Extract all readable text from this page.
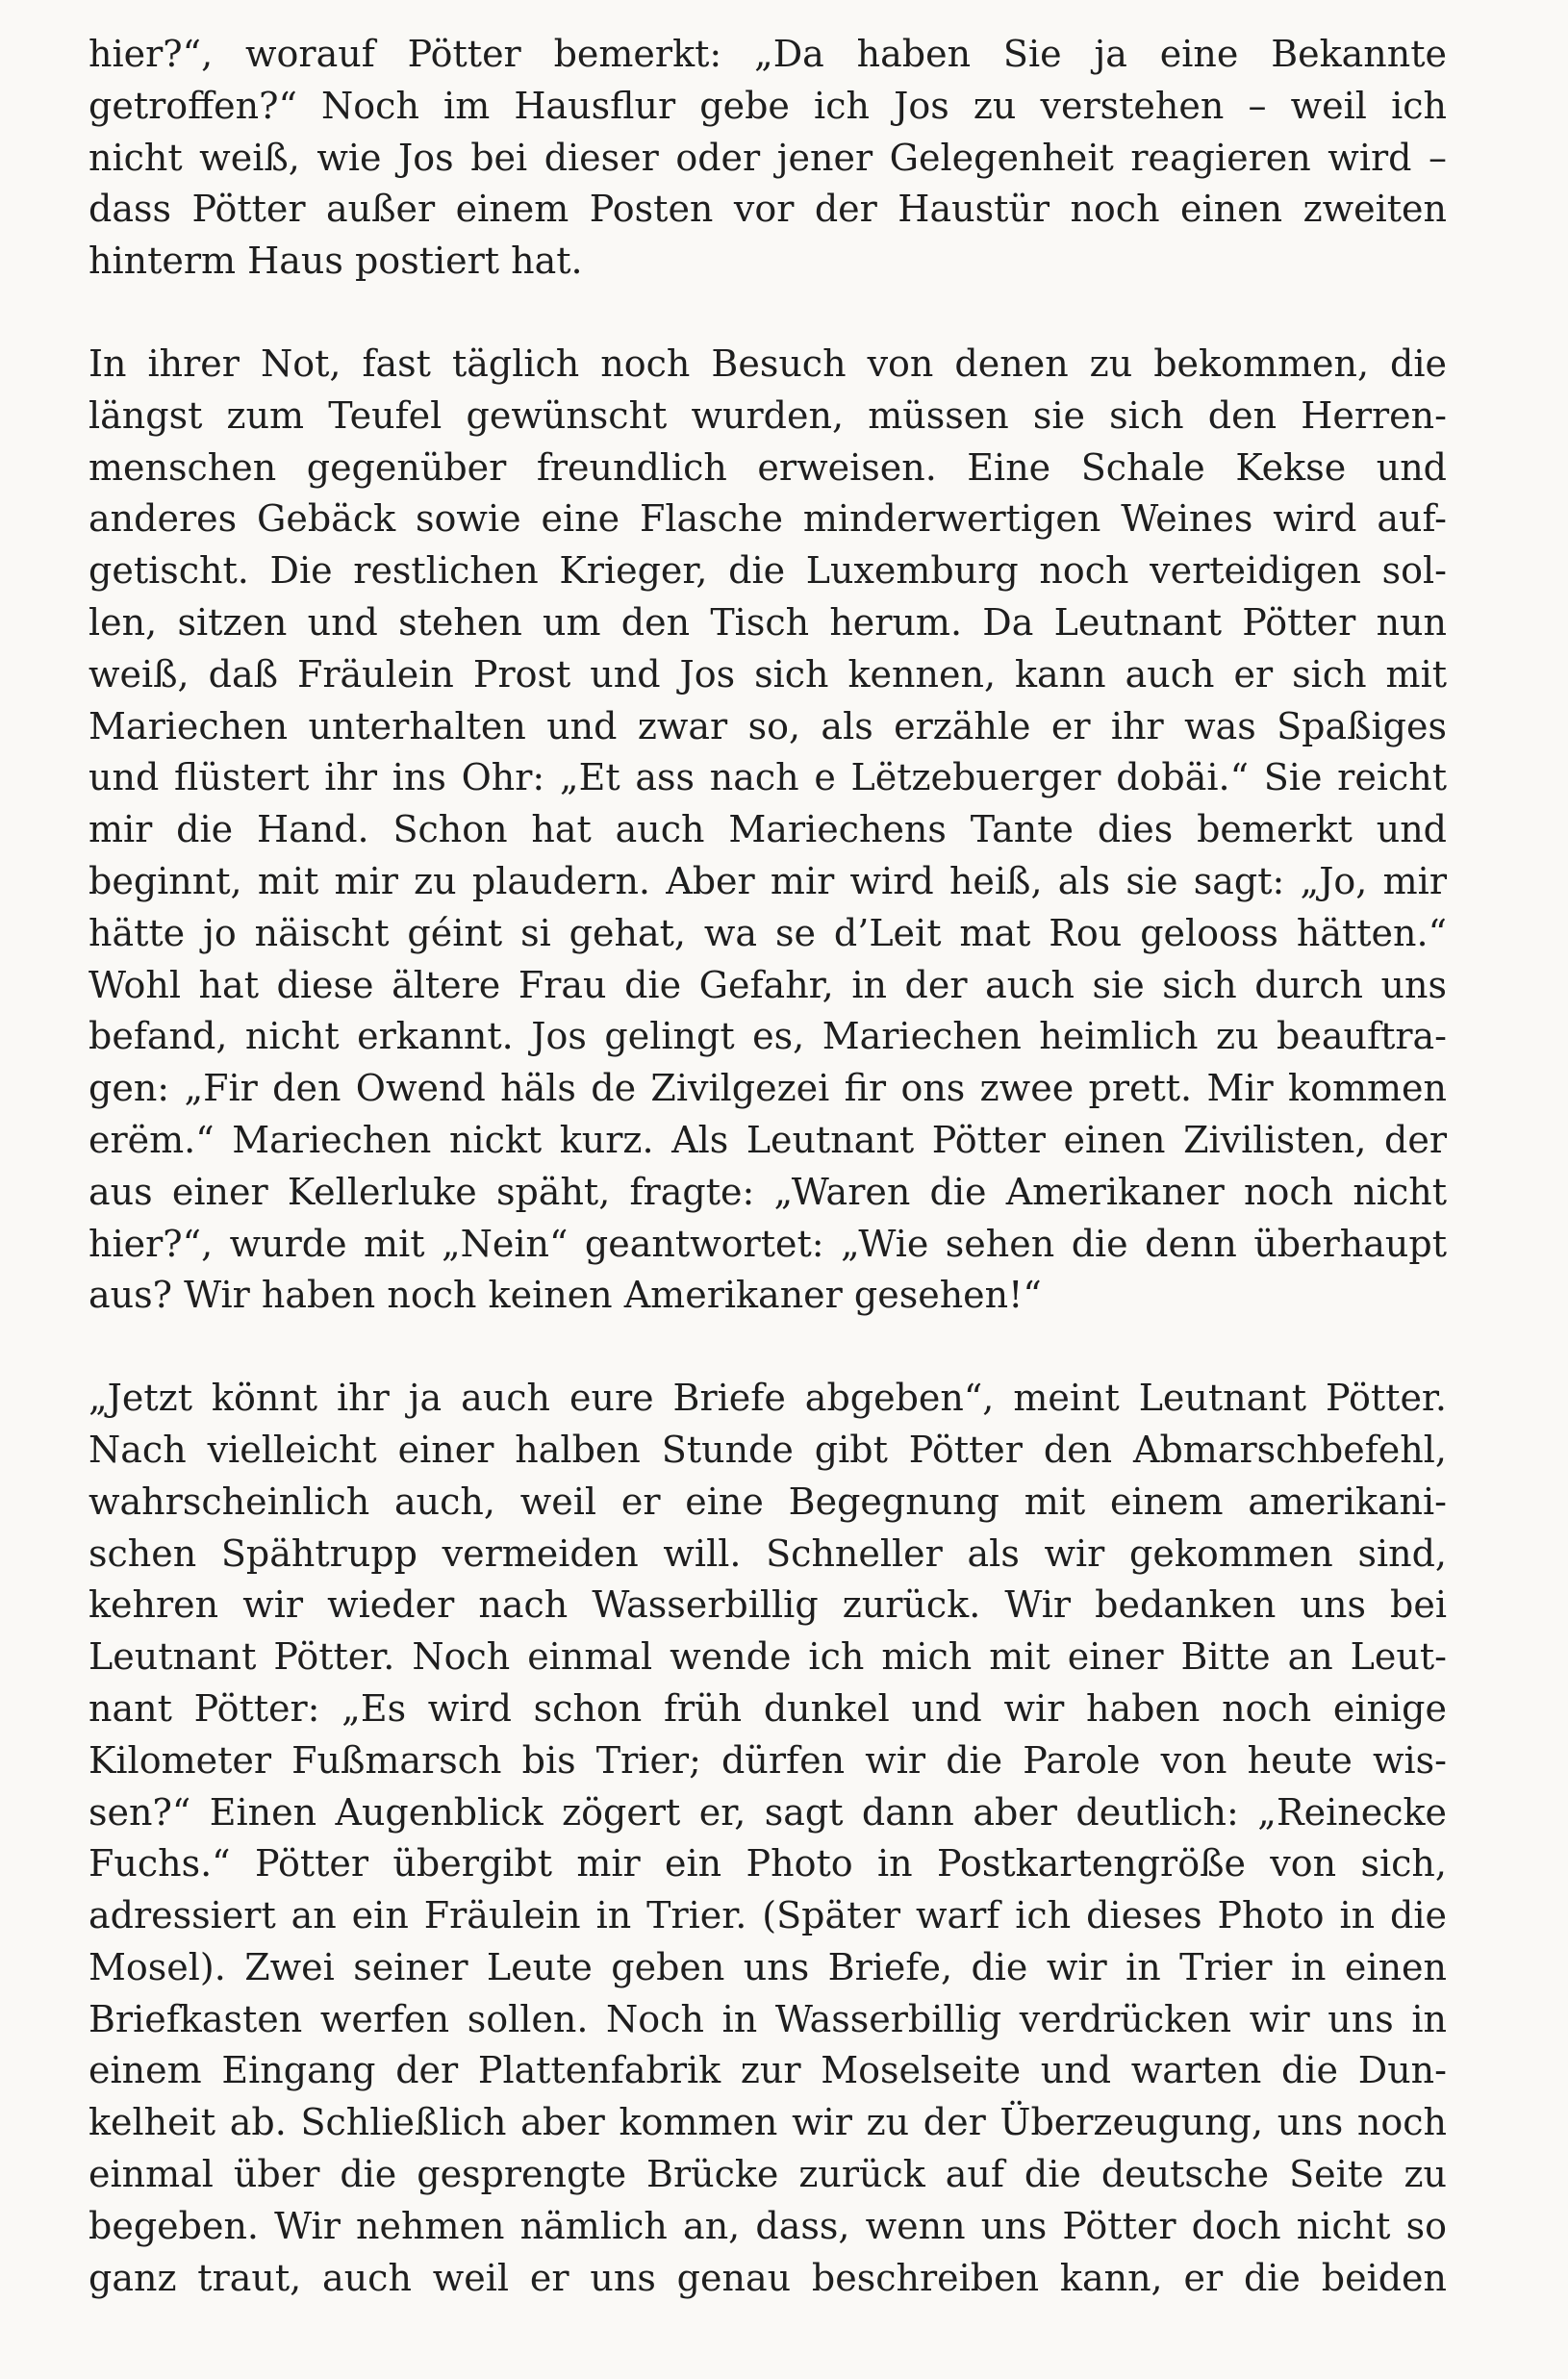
hier?“, worauf Pötter bemerkt: „Da haben Sie ja eine Bekannte
getroffen?“ Noch im Hausflur gebe ich Jos zu verstehen – weil ich
nicht weiß, wie Jos bei dieser oder jener Gelegenheit reagieren wird –
dass Pötter außer einem Posten vor der Haustür noch einen zweiten
hinterm Haus postiert hat.

In ihrer Not, fast täglich noch Besuch von denen zu bekommen, die
längst zum Teufel gewünscht wurden, müssen sie sich den Herren-
menschen gegenüber freundlich erweisen. Eine Schale Kekse und
anderes Gebäck sowie eine Flasche minderwertigen Weines wird auf-
getischt. Die restlichen Krieger, die Luxemburg noch verteidigen sol-
len, sitzen und stehen um den Tisch herum. Da Leutnant Pötter nun
weiß, daß Fräulein Prost und Jos sich kennen, kann auch er sich mit
Mariechen unterhalten und zwar so, als erzähle er ihr was Spaßiges
und flüstert ihr ins Ohr: „Et ass nach e Lëtzebuerger dobäi.“ Sie reicht
mir die Hand. Schon hat auch Mariechens Tante dies bemerkt und
beginnt, mit mir zu plaudern. Aber mir wird heiß, als sie sagt: „Jo, mir
hätte jo näischt géint si gehat, wa se d’Leit mat Rou gelooss hätten.“
Wohl hat diese ältere Frau die Gefahr, in der auch sie sich durch uns
befand, nicht erkannt. Jos gelingt es, Mariechen heimlich zu beauftra-
gen: „Fir den Owend häls de Zivilgezei fir ons zwee prett. Mir kommen
erëm.“ Mariechen nickt kurz. Als Leutnant Pötter einen Zivilisten, der
aus einer Kellerluke späht, fragte: „Waren die Amerikaner noch nicht
hier?“, wurde mit „Nein“ geantwortet: „Wie sehen die denn überhaupt
aus? Wir haben noch keinen Amerikaner gesehen!“

„Jetzt könnt ihr ja auch eure Briefe abgeben“, meint Leutnant Pötter.
Nach vielleicht einer halben Stunde gibt Pötter den Abmarschbefehl,
wahrscheinlich auch, weil er eine Begegnung mit einem amerikani-
schen Spähtrupp vermeiden will. Schneller als wir gekommen sind,
kehren wir wieder nach Wasserbillig zurück. Wir bedanken uns bei
Leutnant Pötter. Noch einmal wende ich mich mit einer Bitte an Leut-
nant Pötter: „Es wird schon früh dunkel und wir haben noch einige
Kilometer Fußmarsch bis Trier; dürfen wir die Parole von heute wis-
sen?“ Einen Augenblick zögert er, sagt dann aber deutlich: „Reinecke
Fuchs.“ Pötter übergibt mir ein Photo in Postkartengröße von sich,
adressiert an ein Fräulein in Trier. (Später warf ich dieses Photo in die
Mosel). Zwei seiner Leute geben uns Briefe, die wir in Trier in einen
Briefkasten werfen sollen. Noch in Wasserbillig verdrücken wir uns in
einem Eingang der Plattenfabrik zur Moselseite und warten die Dun-
kelheit ab. Schließlich aber kommen wir zu der Überzeugung, uns noch
einmal über die gesprengte Brücke zurück auf die deutsche Seite zu
begeben. Wir nehmen nämlich an, dass, wenn uns Pötter doch nicht so
ganz traut, auch weil er uns genau beschreiben kann, er die beiden
